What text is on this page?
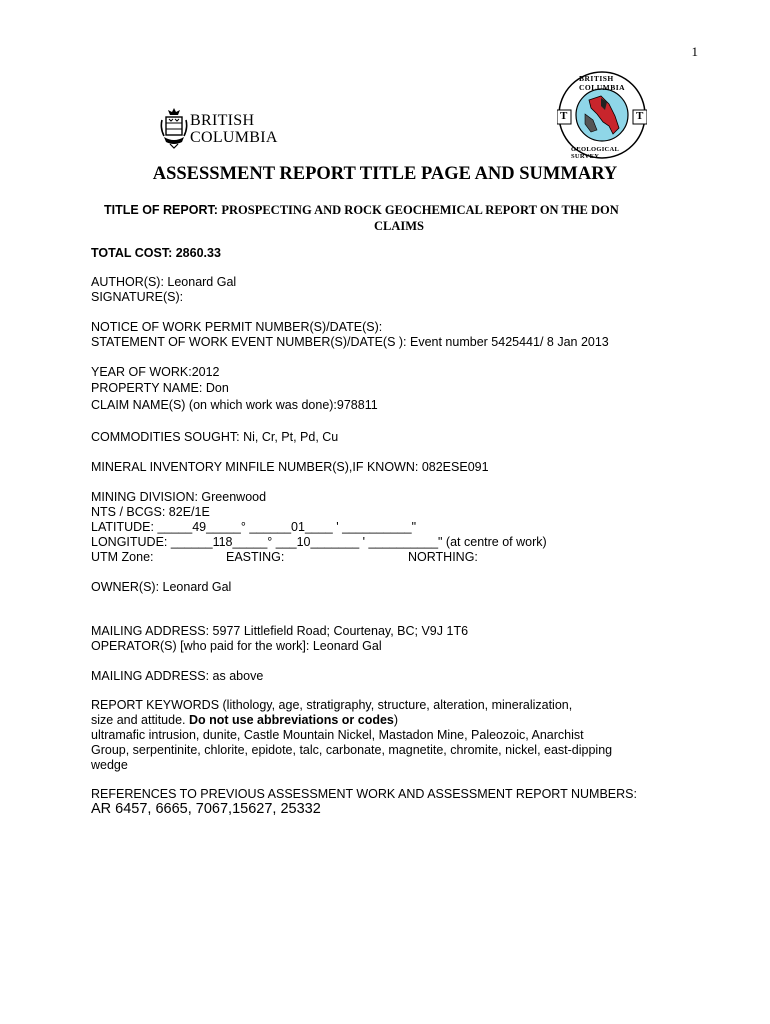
1
BRITISH
COLUMBIA
BRITISH COLUMBIA
GEOLOGICAL SURVEY
T	T
ASSESSMENT REPORT TITLE PAGE AND SUMMARY
TITLE OF REPORT: PROSPECTING AND ROCK GEOCHEMICAL REPORT ON THE DON
CLAIMS
TOTAL COST: 2860.33
AUTHOR(S): Leonard Gal
SIGNATURE(S):
NOTICE OF WORK PERMIT NUMBER(S)/DATE(S):
STATEMENT OF WORK EVENT NUMBER(S)/DATE(S ): Event number 5425441/ 8 Jan 2013
YEAR OF WORK:2012
PROPERTY NAME: Don
CLAIM NAME(S) (on which work was done):978811
COMMODITIES SOUGHT: Ni, Cr, Pt, Pd, Cu
MINERAL INVENTORY MINFILE NUMBER(S),IF KNOWN: 082ESE091
MINING DIVISION: Greenwood
NTS / BCGS: 82E/1E
LATITUDE: _____49_____° ______01____ ' __________"
LONGITUDE: ______118_____° ___10_______ ' __________" (at centre of work)
UTM Zone:	EASTING:	NORTHING:
OWNER(S): Leonard Gal
MAILING ADDRESS: 5977 Littlefield Road; Courtenay, BC; V9J 1T6
OPERATOR(S) [who paid for the work]: Leonard Gal
MAILING ADDRESS: as above
REPORT KEYWORDS (lithology, age, stratigraphy, structure, alteration, mineralization,
size and attitude. Do not use abbreviations or codes)
ultramafic intrusion, dunite, Castle Mountain Nickel, Mastadon Mine, Paleozoic, Anarchist
Group, serpentinite, chlorite, epidote, talc, carbonate, magnetite, chromite, nickel, east-dipping
wedge
REFERENCES TO PREVIOUS ASSESSMENT WORK AND ASSESSMENT REPORT NUMBERS:
AR 6457, 6665, 7067,15627, 25332
